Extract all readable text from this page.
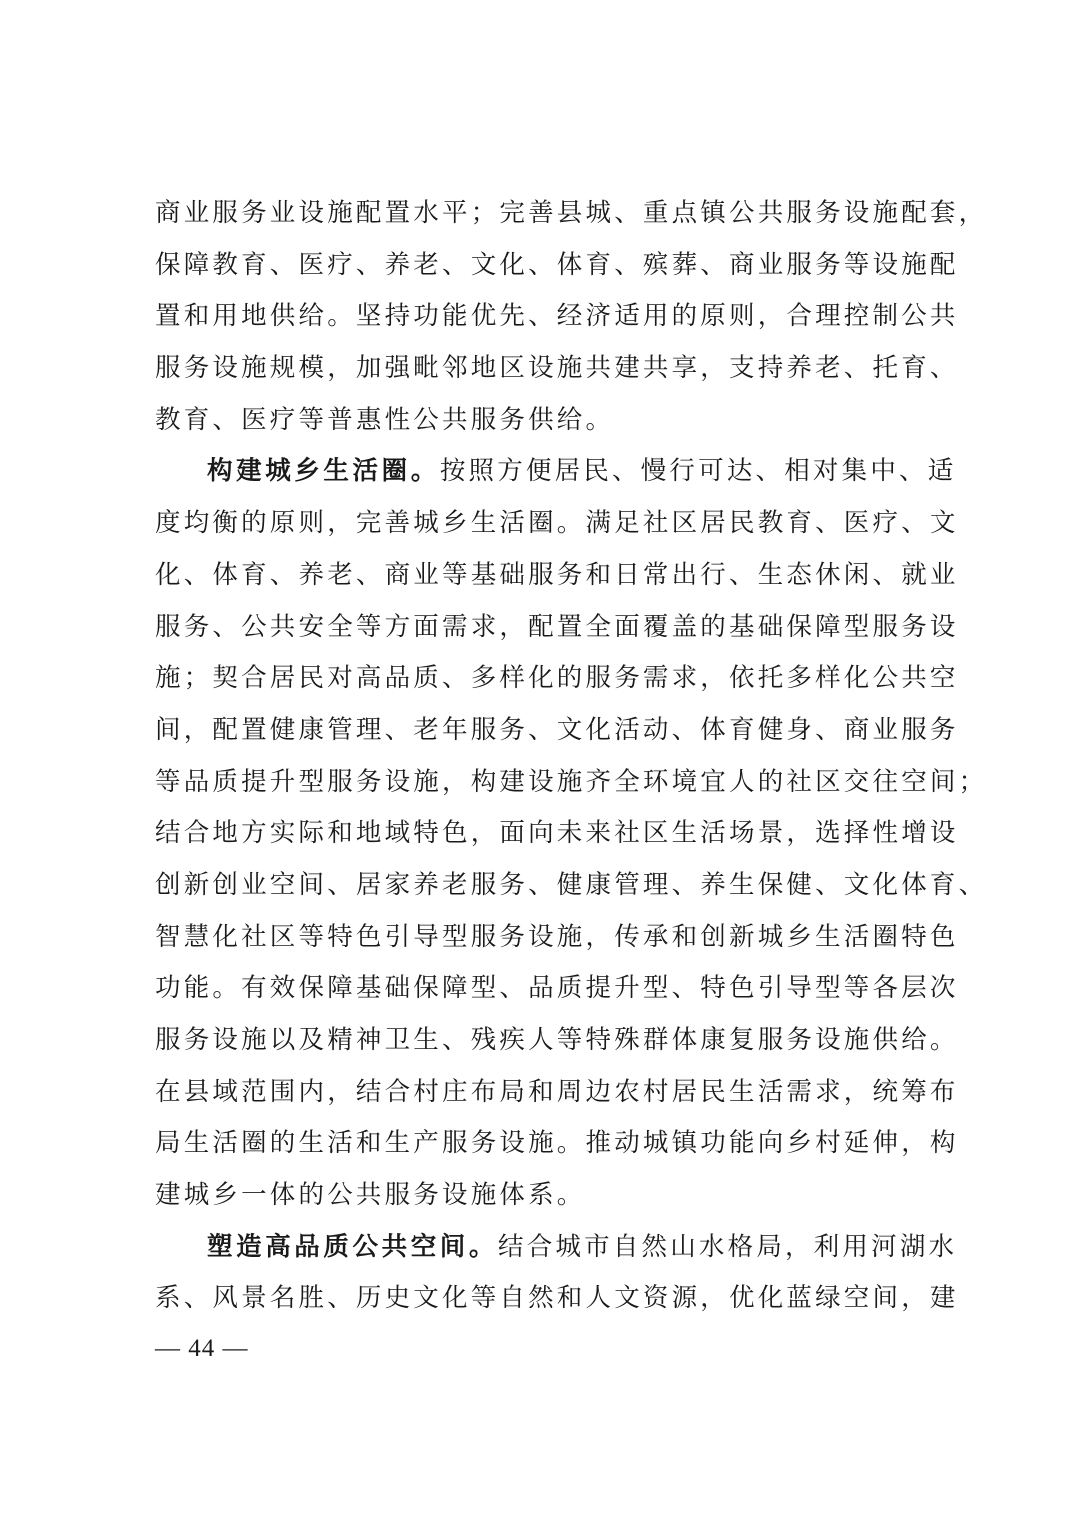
商业服务业设施配置水平；完善县城、重点镇公共服务设施配套，
保障教育、医疗、养老、文化、体育、殡葬、商业服务等设施配
置和用地供给。坚持功能优先、经济适用的原则，合理控制公共
服务设施规模，加强毗邻地区设施共建共享，支持养老、托育、
教育、医疗等普惠性公共服务供给。
构建城乡生活圈。按照方便居民、慢行可达、相对集中、适
度均衡的原则，完善城乡生活圈。满足社区居民教育、医疗、文
化、体育、养老、商业等基础服务和日常出行、生态休闲、就业
服务、公共安全等方面需求，配置全面覆盖的基础保障型服务设
施；契合居民对高品质、多样化的服务需求，依托多样化公共空
间，配置健康管理、老年服务、文化活动、体育健身、商业服务
等品质提升型服务设施，构建设施齐全环境宜人的社区交往空间；
结合地方实际和地域特色，面向未来社区生活场景，选择性增设
创新创业空间、居家养老服务、健康管理、养生保健、文化体育、
智慧化社区等特色引导型服务设施，传承和创新城乡生活圈特色
功能。有效保障基础保障型、品质提升型、特色引导型等各层次
服务设施以及精神卫生、残疾人等特殊群体康复服务设施供给。
在县域范围内，结合村庄布局和周边农村居民生活需求，统筹布
局生活圈的生活和生产服务设施。推动城镇功能向乡村延伸，构
建城乡一体的公共服务设施体系。
塑造高品质公共空间。结合城市自然山水格局，利用河湖水
系、风景名胜、历史文化等自然和人文资源，优化蓝绿空间，建
— 44 —
